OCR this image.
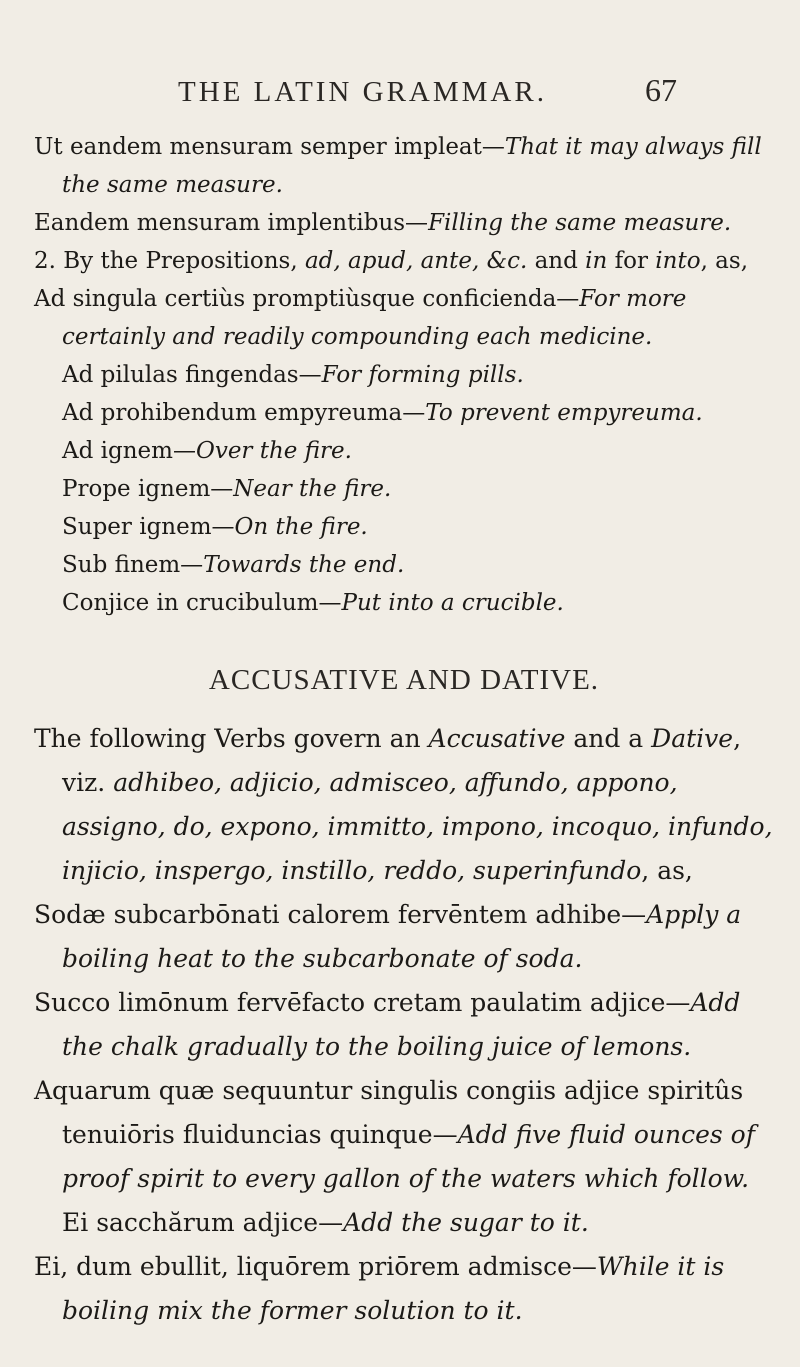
THE LATIN GRAMMAR.	67

Ut eandem mensuram semper impleat—That it may always fill the same measure.

Eandem mensuram implentibus—Filling the same measure.

2. By the Prepositions, ad, apud, ante, &c. and in for into, as,

Ad singula certiùs promptiùsque conficienda—For more certainly and readily compounding each medicine.

Ad pilulas fingendas—For forming pills.

Ad prohibendum empyreuma—To prevent empyreuma.

Ad ignem—Over the fire.

Prope ignem—Near the fire.

Super ignem—On the fire.

Sub finem—Towards the end.

Conjice in crucibulum—Put into a crucible.

ACCUSATIVE AND DATIVE.

The following Verbs govern an Accusative and a Dative, viz. adhibeo, adjicio, admisceo, affundo, appono, assigno, do, expono, immitto, impono, incoquo, infundo, injicio, inspergo, instillo, reddo, superinfundo, as,

Sodæ subcarbōnati calorem fervēntem adhibe—Apply a boiling heat to the subcarbonate of soda.

Succo limōnum fervēfacto cretam paulatim adjice—Add the chalk gradually to the boiling juice of lemons.

Aquarum quæ sequuntur singulis congiis adjice spiritûs tenuiōris fluiduncias quinque—Add five fluid ounces of proof spirit to every gallon of the waters which follow.

Ei sacchărum adjice—Add the sugar to it.

Ei, dum ebullit, liquōrem priōrem admisce—While it is boiling mix the former solution to it.
